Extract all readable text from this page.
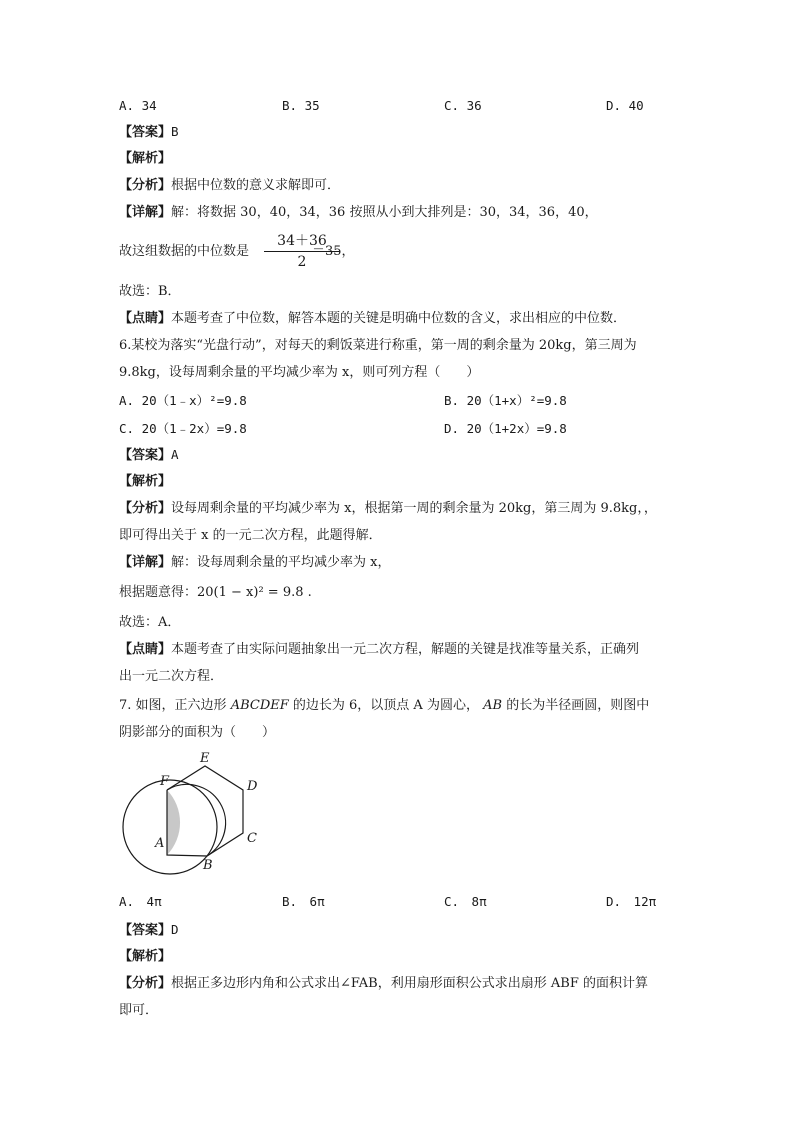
A. 34	B. 35	C. 36	D. 40
【答案】B
【解析】
【分析】根据中位数的意义求解即可．
【详解】解：将数据 30，40，34，36 按照从小到大排列是：30，34，36，40，
故这组数据的中位数是
34＋36
2
＝35，
故选：B．
【点睛】本题考查了中位数，解答本题的关键是明确中位数的含义，求出相应的中位数．
6.某校为落实“光盘行动”，对每天的剩饭菜进行称重，第一周的剩余量为 20kg，第三周为
9.8kg，设每周剩余量的平均减少率为 x，则可列方程（　　）
A. 20（1﹣x）²=9.8	B. 20（1+x）²=9.8
C. 20（1﹣2x）=9.8	D. 20（1+2x）=9.8
【答案】A
【解析】
【分析】设每周剩余量的平均减少率为 x，根据第一周的剩余量为 20kg，第三周为 9.8kg，，
即可得出关于 x 的一元二次方程，此题得解．
【详解】解：设每周剩余量的平均减少率为 x，
根据题意得：20(1 − x)² = 9.8 .
故选：A．
【点睛】本题考查了由实际问题抽象出一元二次方程，解题的关键是找准等量关系，正确列
出一元二次方程．
7. 如图，正六边形 ABCDEF 的边长为 6，以顶点 A 为圆心， AB 的长为半径画圆，则图中
阴影部分的面积为（　　）
E
F	D
A	C
B
A.　4π	B.　6π	C.　8π	D.　12π
【答案】D
【解析】
【分析】根据正多边形内角和公式求出∠FAB，利用扇形面积公式求出扇形 ABF 的面积计算
即可．
